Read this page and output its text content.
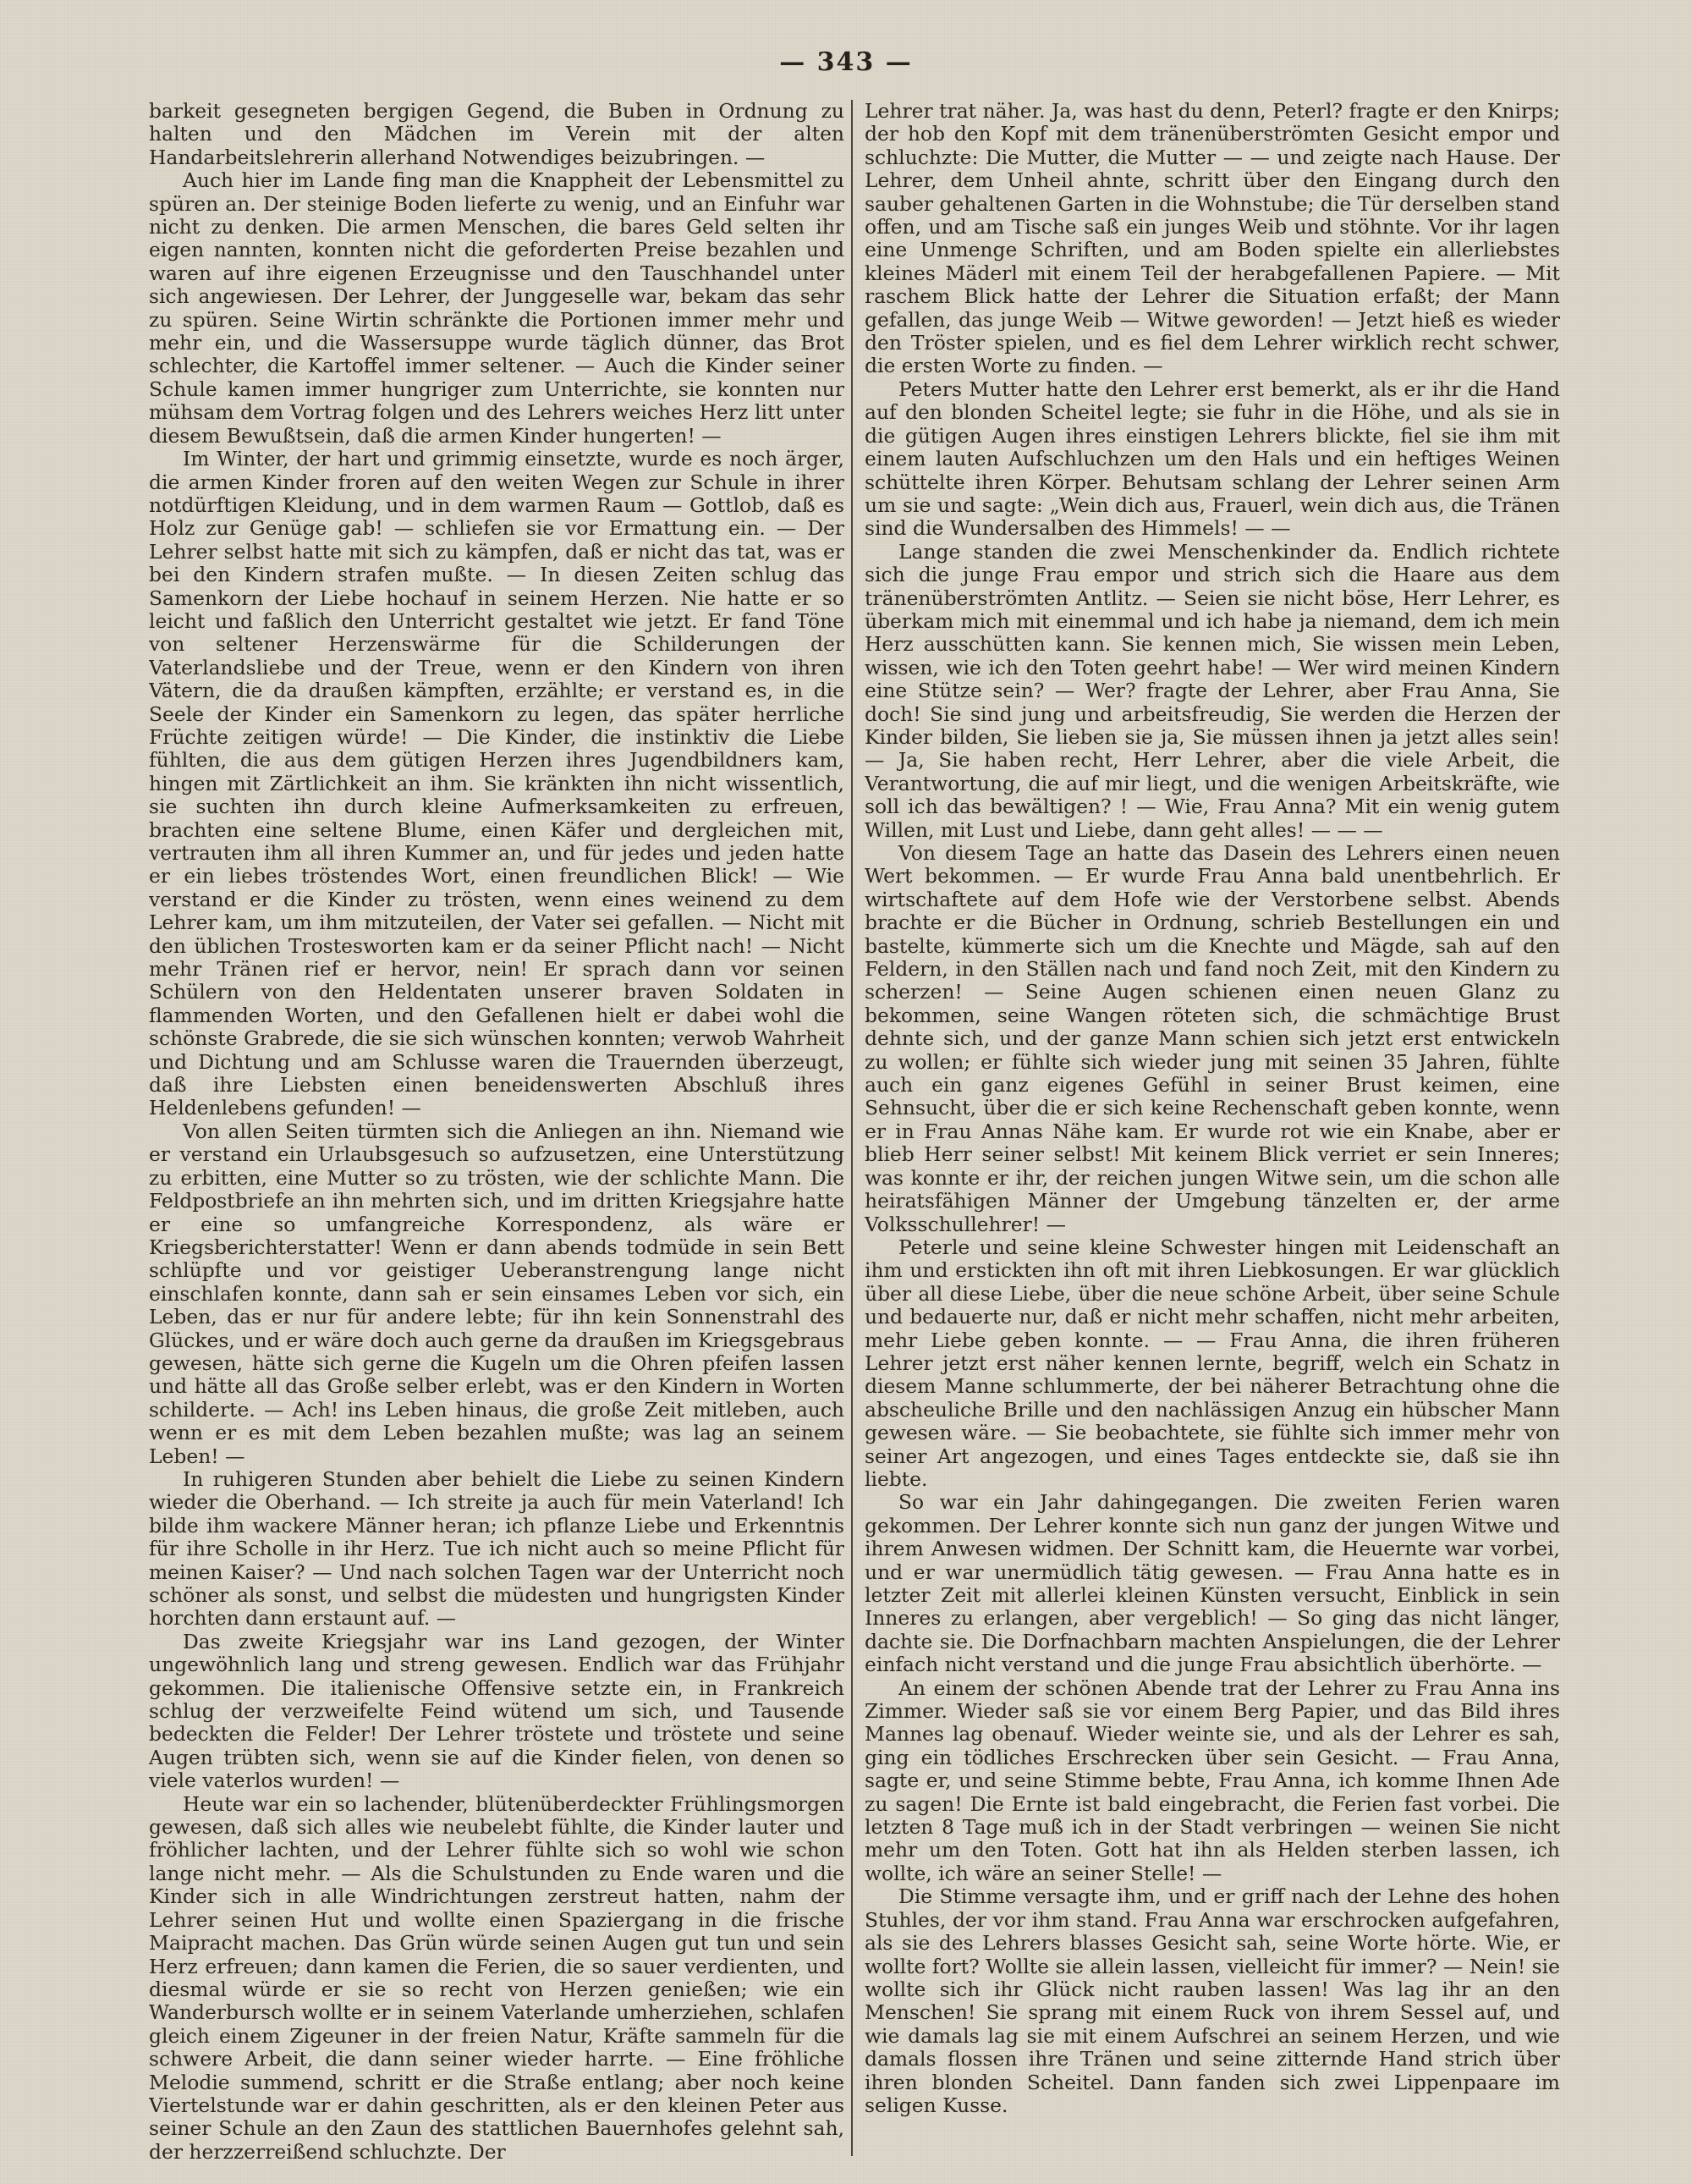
— 343 —

barkeit gesegneten bergigen Gegend, die Buben in Ordnung zu halten und den Mädchen im Verein mit der alten Handarbeitslehrerin allerhand Notwendiges beizubringen. —

Auch hier im Lande fing man die Knappheit der Lebensmittel zu spüren an. Der steinige Boden lieferte zu wenig, und an Einfuhr war nicht zu denken. Die armen Menschen, die bares Geld selten ihr eigen nannten, konnten nicht die geforderten Preise bezahlen und waren auf ihre eigenen Erzeugnisse und den Tauschhandel unter sich angewiesen. Der Lehrer, der Junggeselle war, bekam das sehr zu spüren. Seine Wirtin schränkte die Portionen immer mehr und mehr ein, und die Wassersuppe wurde täglich dünner, das Brot schlechter, die Kartoffel immer seltener. — Auch die Kinder seiner Schule kamen immer hungriger zum Unterrichte, sie konnten nur mühsam dem Vortrag folgen und des Lehrers weiches Herz litt unter diesem Bewußtsein, daß die armen Kinder hungerten! —

Im Winter, der hart und grimmig einsetzte, wurde es noch ärger, die armen Kinder froren auf den weiten Wegen zur Schule in ihrer notdürftigen Kleidung, und in dem warmen Raum — Gottlob, daß es Holz zur Genüge gab! — schliefen sie vor Ermattung ein. — Der Lehrer selbst hatte mit sich zu kämpfen, daß er nicht das tat, was er bei den Kindern strafen mußte. — In diesen Zeiten schlug das Samenkorn der Liebe hochauf in seinem Herzen. Nie hatte er so leicht und faßlich den Unterricht gestaltet wie jetzt. Er fand Töne von seltener Herzenswärme für die Schilderungen der Vaterlandsliebe und der Treue, wenn er den Kindern von ihren Vätern, die da draußen kämpften, erzählte; er verstand es, in die Seele der Kinder ein Samenkorn zu legen, das später herrliche Früchte zeitigen würde! — Die Kinder, die instinktiv die Liebe fühlten, die aus dem gütigen Herzen ihres Jugendbildners kam, hingen mit Zärtlichkeit an ihm. Sie kränkten ihn nicht wissentlich, sie suchten ihn durch kleine Aufmerksamkeiten zu erfreuen, brachten eine seltene Blume, einen Käfer und dergleichen mit, vertrauten ihm all ihren Kummer an, und für jedes und jeden hatte er ein liebes tröstendes Wort, einen freundlichen Blick! — Wie verstand er die Kinder zu trösten, wenn eines weinend zu dem Lehrer kam, um ihm mitzuteilen, der Vater sei gefallen. — Nicht mit den üblichen Trostesworten kam er da seiner Pflicht nach! — Nicht mehr Tränen rief er hervor, nein! Er sprach dann vor seinen Schülern von den Heldentaten unserer braven Soldaten in flammenden Worten, und den Gefallenen hielt er dabei wohl die schönste Grabrede, die sie sich wünschen konnten; verwob Wahrheit und Dichtung und am Schlusse waren die Trauernden überzeugt, daß ihre Liebsten einen beneidenswerten Abschluß ihres Heldenlebens gefunden! —

Von allen Seiten türmten sich die Anliegen an ihn. Niemand wie er verstand ein Urlaubsgesuch so aufzusetzen, eine Unterstützung zu erbitten, eine Mutter so zu trösten, wie der schlichte Mann. Die Feldpostbriefe an ihn mehrten sich, und im dritten Kriegsjahre hatte er eine so umfangreiche Korrespondenz, als wäre er Kriegsberichterstatter! Wenn er dann abends todmüde in sein Bett schlüpfte und vor geistiger Ueberanstrengung lange nicht einschlafen konnte, dann sah er sein einsames Leben vor sich, ein Leben, das er nur für andere lebte; für ihn kein Sonnenstrahl des Glückes, und er wäre doch auch gerne da draußen im Kriegsgebraus gewesen, hätte sich gerne die Kugeln um die Ohren pfeifen lassen und hätte all das Große selber erlebt, was er den Kindern in Worten schilderte. — Ach! ins Leben hinaus, die große Zeit mitleben, auch wenn er es mit dem Leben bezahlen mußte; was lag an seinem Leben! —

In ruhigeren Stunden aber behielt die Liebe zu seinen Kindern wieder die Oberhand. — Ich streite ja auch für mein Vaterland! Ich bilde ihm wackere Männer heran; ich pflanze Liebe und Erkenntnis für ihre Scholle in ihr Herz. Tue ich nicht auch so meine Pflicht für meinen Kaiser? — Und nach solchen Tagen war der Unterricht noch schöner als sonst, und selbst die müdesten und hungrigsten Kinder horchten dann erstaunt auf. —

Das zweite Kriegsjahr war ins Land gezogen, der Winter ungewöhnlich lang und streng gewesen. Endlich war das Frühjahr gekommen. Die italienische Offensive setzte ein, in Frankreich schlug der verzweifelte Feind wütend um sich, und Tausende bedeckten die Felder! Der Lehrer tröstete und tröstete und seine Augen trübten sich, wenn sie auf die Kinder fielen, von denen so viele vaterlos wurden! —

Heute war ein so lachender, blütenüberdeckter Frühlingsmorgen gewesen, daß sich alles wie neubelebt fühlte, die Kinder lauter und fröhlicher lachten, und der Lehrer fühlte sich so wohl wie schon lange nicht mehr. — Als die Schulstunden zu Ende waren und die Kinder sich in alle Windrichtungen zerstreut hatten, nahm der Lehrer seinen Hut und wollte einen Spaziergang in die frische Maipracht machen. Das Grün würde seinen Augen gut tun und sein Herz erfreuen; dann kamen die Ferien, die so sauer verdienten, und diesmal würde er sie so recht von Herzen genießen; wie ein Wanderbursch wollte er in seinem Vaterlande umherziehen, schlafen gleich einem Zigeuner in der freien Natur, Kräfte sammeln für die schwere Arbeit, die dann seiner wieder harrte. — Eine fröhliche Melodie summend, schritt er die Straße entlang; aber noch keine Viertelstunde war er dahin geschritten, als er den kleinen Peter aus seiner Schule an den Zaun des stattlichen Bauernhofes gelehnt sah, der herzzerreißend schluchzte. Der

Lehrer trat näher. Ja, was hast du denn, Peterl? fragte er den Knirps; der hob den Kopf mit dem tränenüberströmten Gesicht empor und schluchzte: Die Mutter, die Mutter — — und zeigte nach Hause. Der Lehrer, dem Unheil ahnte, schritt über den Eingang durch den sauber gehaltenen Garten in die Wohnstube; die Tür derselben stand offen, und am Tische saß ein junges Weib und stöhnte. Vor ihr lagen eine Unmenge Schriften, und am Boden spielte ein allerliebstes kleines Mäderl mit einem Teil der herabgefallenen Papiere. — Mit raschem Blick hatte der Lehrer die Situation erfaßt; der Mann gefallen, das junge Weib — Witwe geworden! — Jetzt hieß es wieder den Tröster spielen, und es fiel dem Lehrer wirklich recht schwer, die ersten Worte zu finden. —

Peters Mutter hatte den Lehrer erst bemerkt, als er ihr die Hand auf den blonden Scheitel legte; sie fuhr in die Höhe, und als sie in die gütigen Augen ihres einstigen Lehrers blickte, fiel sie ihm mit einem lauten Aufschluchzen um den Hals und ein heftiges Weinen schüttelte ihren Körper. Behutsam schlang der Lehrer seinen Arm um sie und sagte: „Wein dich aus, Frauerl, wein dich aus, die Tränen sind die Wundersalben des Himmels! — —

Lange standen die zwei Menschenkinder da. Endlich richtete sich die junge Frau empor und strich sich die Haare aus dem tränenüberströmten Antlitz. — Seien sie nicht böse, Herr Lehrer, es überkam mich mit einemmal und ich habe ja niemand, dem ich mein Herz ausschütten kann. Sie kennen mich, Sie wissen mein Leben, wissen, wie ich den Toten geehrt habe! — Wer wird meinen Kindern eine Stütze sein? — Wer? fragte der Lehrer, aber Frau Anna, Sie doch! Sie sind jung und arbeitsfreudig, Sie werden die Herzen der Kinder bilden, Sie lieben sie ja, Sie müssen ihnen ja jetzt alles sein! — Ja, Sie haben recht, Herr Lehrer, aber die viele Arbeit, die Verantwortung, die auf mir liegt, und die wenigen Arbeitskräfte, wie soll ich das bewältigen? ! — Wie, Frau Anna? Mit ein wenig gutem Willen, mit Lust und Liebe, dann geht alles! — — —

Von diesem Tage an hatte das Dasein des Lehrers einen neuen Wert bekommen. — Er wurde Frau Anna bald unentbehrlich. Er wirtschaftete auf dem Hofe wie der Verstorbene selbst. Abends brachte er die Bücher in Ordnung, schrieb Bestellungen ein und bastelte, kümmerte sich um die Knechte und Mägde, sah auf den Feldern, in den Ställen nach und fand noch Zeit, mit den Kindern zu scherzen! — Seine Augen schienen einen neuen Glanz zu bekommen, seine Wangen röteten sich, die schmächtige Brust dehnte sich, und der ganze Mann schien sich jetzt erst entwickeln zu wollen; er fühlte sich wieder jung mit seinen 35 Jahren, fühlte auch ein ganz eigenes Gefühl in seiner Brust keimen, eine Sehnsucht, über die er sich keine Rechenschaft geben konnte, wenn er in Frau Annas Nähe kam. Er wurde rot wie ein Knabe, aber er blieb Herr seiner selbst! Mit keinem Blick verriet er sein Inneres; was konnte er ihr, der reichen jungen Witwe sein, um die schon alle heiratsfähigen Männer der Umgebung tänzelten er, der arme Volksschullehrer! —

Peterle und seine kleine Schwester hingen mit Leidenschaft an ihm und erstickten ihn oft mit ihren Liebkosungen. Er war glücklich über all diese Liebe, über die neue schöne Arbeit, über seine Schule und bedauerte nur, daß er nicht mehr schaffen, nicht mehr arbeiten, mehr Liebe geben konnte. — — Frau Anna, die ihren früheren Lehrer jetzt erst näher kennen lernte, begriff, welch ein Schatz in diesem Manne schlummerte, der bei näherer Betrachtung ohne die abscheuliche Brille und den nachlässigen Anzug ein hübscher Mann gewesen wäre. — Sie beobachtete, sie fühlte sich immer mehr von seiner Art angezogen, und eines Tages entdeckte sie, daß sie ihn liebte.

So war ein Jahr dahingegangen. Die zweiten Ferien waren gekommen. Der Lehrer konnte sich nun ganz der jungen Witwe und ihrem Anwesen widmen. Der Schnitt kam, die Heuernte war vorbei, und er war unermüdlich tätig gewesen. — Frau Anna hatte es in letzter Zeit mit allerlei kleinen Künsten versucht, Einblick in sein Inneres zu erlangen, aber vergeblich! — So ging das nicht länger, dachte sie. Die Dorfnachbarn machten Anspielungen, die der Lehrer einfach nicht verstand und die junge Frau absichtlich überhörte. —

An einem der schönen Abende trat der Lehrer zu Frau Anna ins Zimmer. Wieder saß sie vor einem Berg Papier, und das Bild ihres Mannes lag obenauf. Wieder weinte sie, und als der Lehrer es sah, ging ein tödliches Erschrecken über sein Gesicht. — Frau Anna, sagte er, und seine Stimme bebte, Frau Anna, ich komme Ihnen Ade zu sagen! Die Ernte ist bald eingebracht, die Ferien fast vorbei. Die letzten 8 Tage muß ich in der Stadt verbringen — weinen Sie nicht mehr um den Toten. Gott hat ihn als Helden sterben lassen, ich wollte, ich wäre an seiner Stelle! —

Die Stimme versagte ihm, und er griff nach der Lehne des hohen Stuhles, der vor ihm stand. Frau Anna war erschrocken aufgefahren, als sie des Lehrers blasses Gesicht sah, seine Worte hörte. Wie, er wollte fort? Wollte sie allein lassen, vielleicht für immer? — Nein! sie wollte sich ihr Glück nicht rauben lassen! Was lag ihr an den Menschen! Sie sprang mit einem Ruck von ihrem Sessel auf, und wie damals lag sie mit einem Aufschrei an seinem Herzen, und wie damals flossen ihre Tränen und seine zitternde Hand strich über ihren blonden Scheitel. Dann fanden sich zwei Lippenpaare im seligen Kusse.
